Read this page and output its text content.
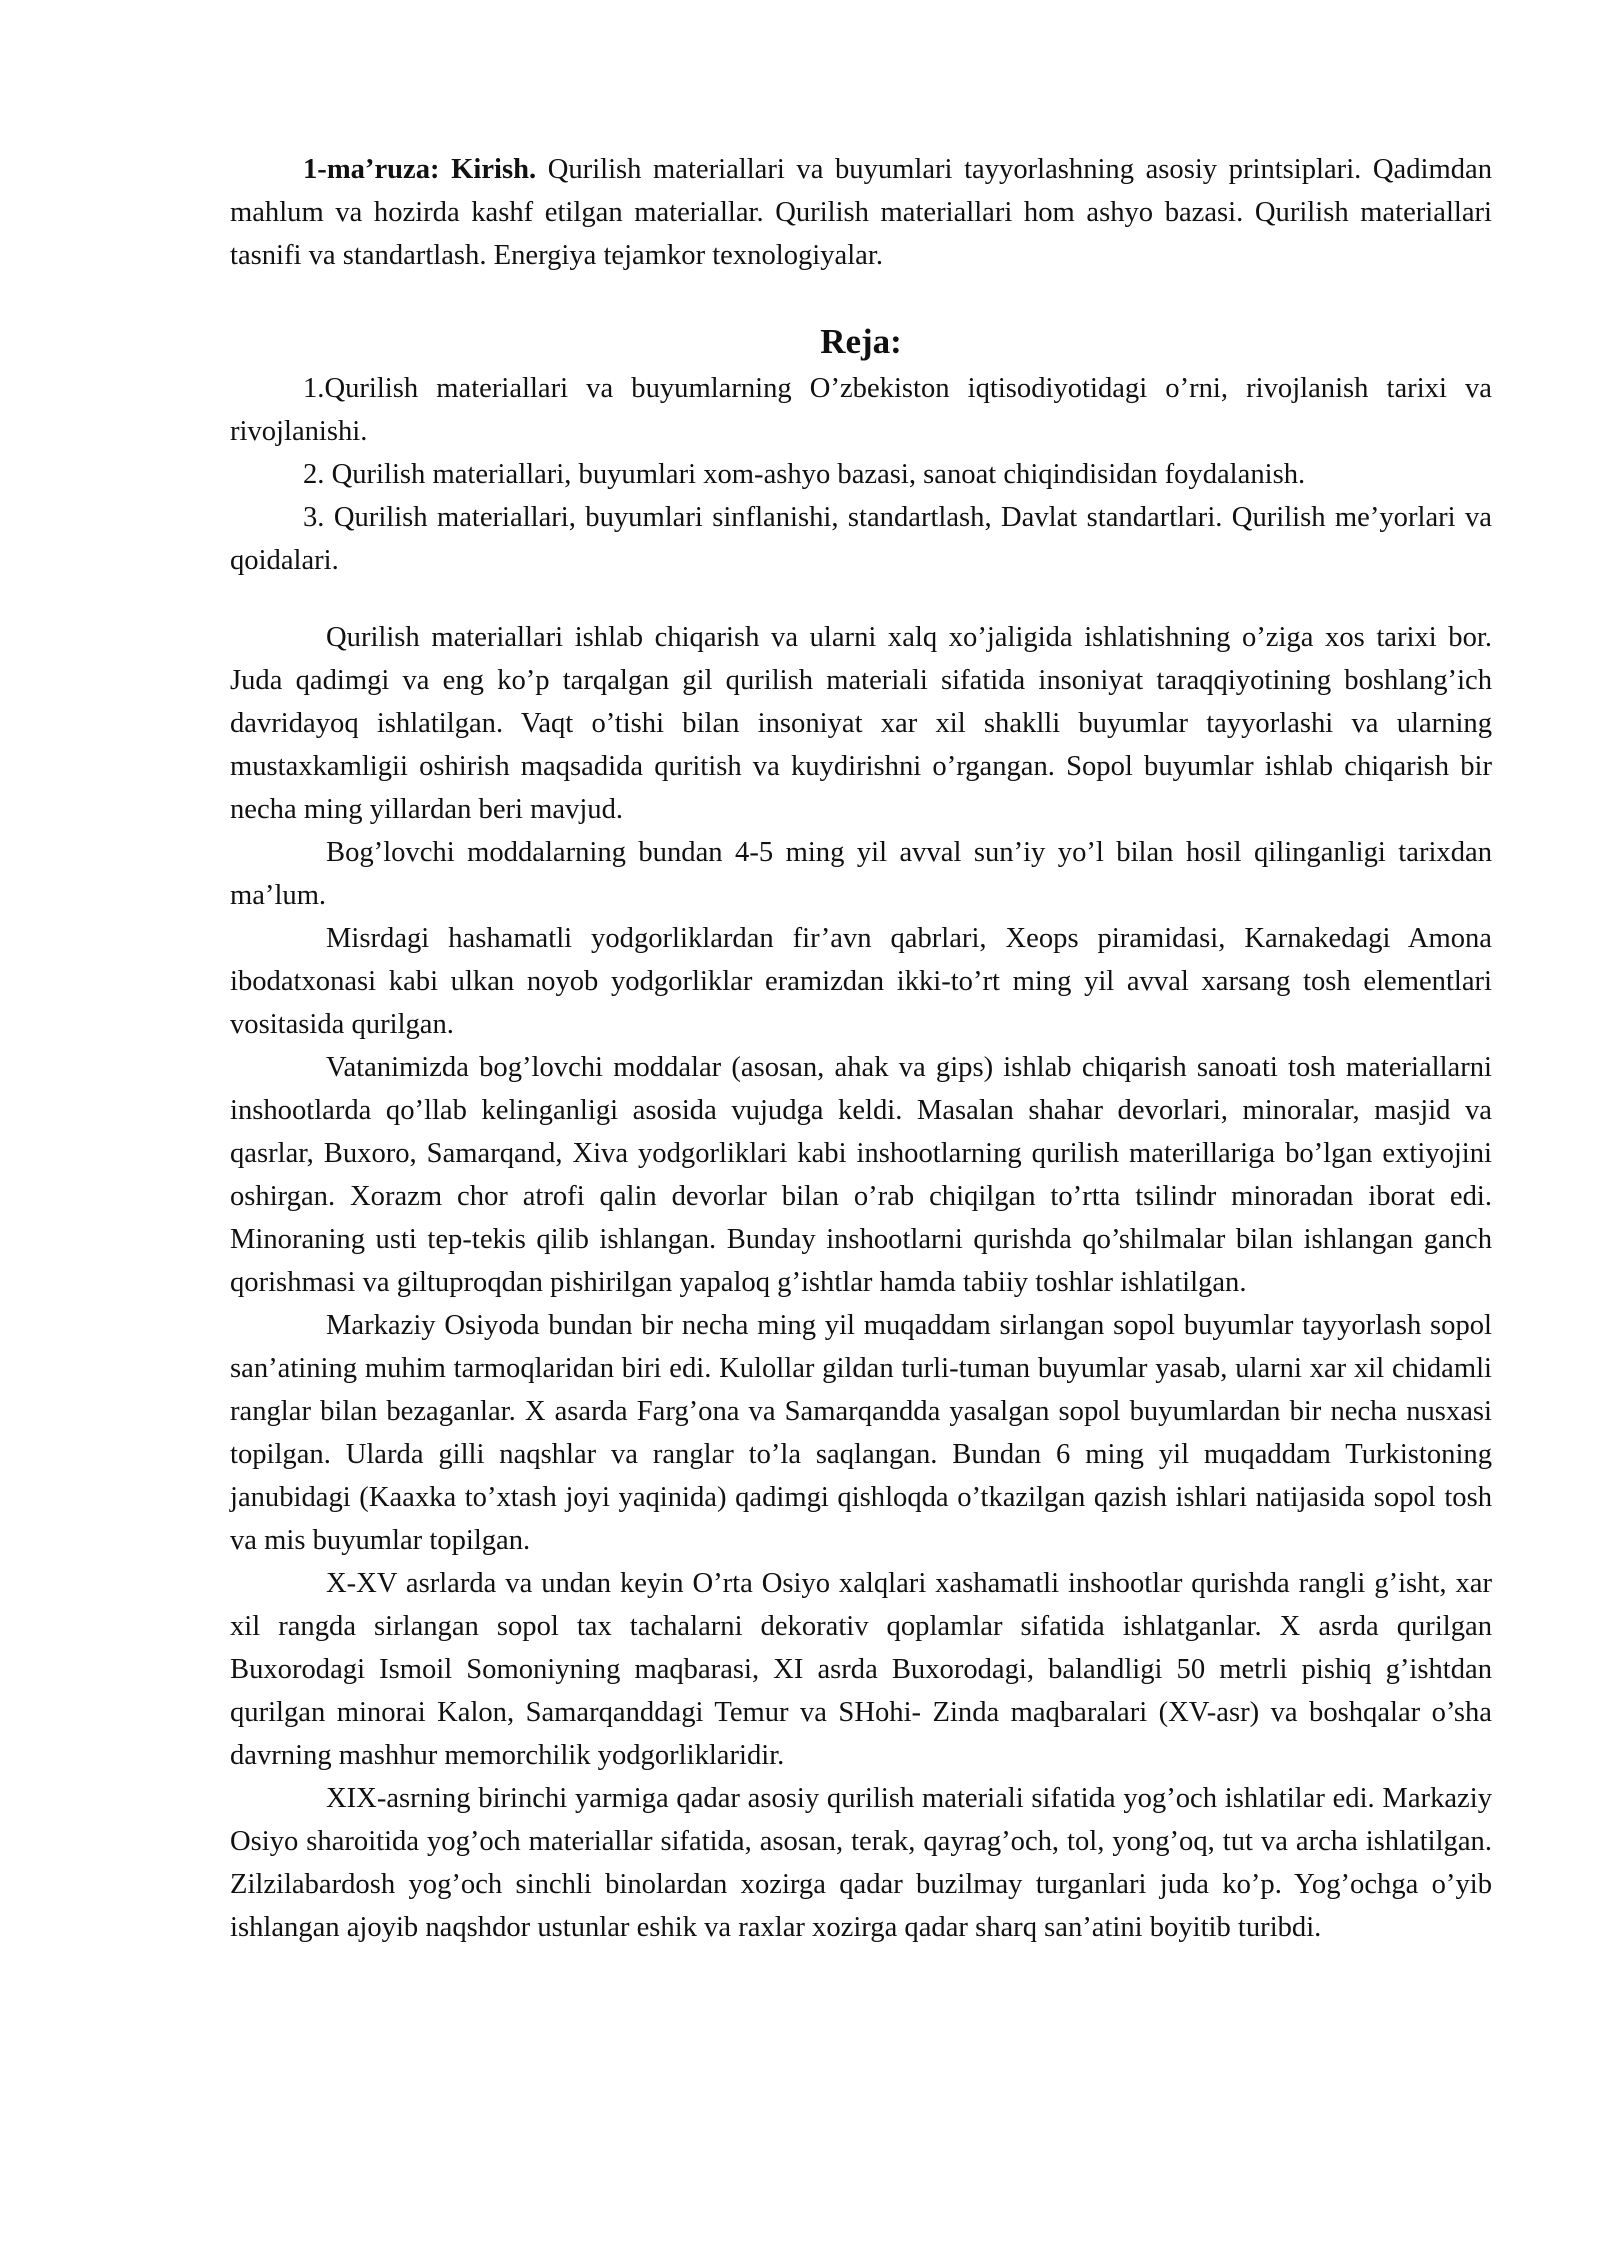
1-ma’ruza: Kirish. Qurilish materiallari va buyumlari tayyorlashning asosiy printsiplari. Qadimdan mahlum va hozirda kashf etilgan materiallar. Qurilish materiallari hom ashyo bazasi. Qurilish materiallari tasnifi va standartlash. Energiya tejamkor texnologiyalar.

Reja:

1.Qurilish materiallari va buyumlarning O’zbekiston iqtisodiyotidagi o’rni, rivojlanish tarixi va rivojlanishi.

2. Qurilish materiallari, buyumlari xom-ashyo bazasi, sanoat chiqindisidan foydalanish.

3. Qurilish materiallari, buyumlari sinflanishi, standartlash, Davlat standartlari. Qurilish me’yorlari va qoidalari.

Qurilish materiallari ishlab chiqarish va ularni xalq xo’jaligida ishlatishning o’ziga xos tarixi bor. Juda qadimgi va eng ko’p tarqalgan gil qurilish materiali sifatida insoniyat taraqqiyotining boshlang’ich davridayoq ishlatilgan. Vaqt o’tishi bilan insoniyat xar xil shaklli buyumlar tayyorlashi va ularning mustaxkamligii oshirish maqsadida quritish va kuydirishni o’rgangan. Sopol buyumlar ishlab chiqarish bir necha ming yillardan beri mavjud.

Bog’lovchi moddalarning bundan 4-5 ming yil avval sun’iy yo’l bilan hosil qilinganligi tarixdan ma’lum.

Misrdagi hashamatli yodgorliklardan fir’avn qabrlari, Xeops piramidasi, Karnakedagi Amona ibodatxonasi kabi ulkan noyob yodgorliklar eramizdan ikki-to’rt ming yil avval xarsang tosh elementlari vositasida qurilgan.

Vatanimizda bog’lovchi moddalar (asosan, ahak va gips) ishlab chiqarish sanoati tosh materiallarni inshootlarda qo’llab kelinganligi asosida vujudga keldi. Masalan shahar devorlari, minoralar, masjid va qasrlar, Buxoro, Samarqand, Xiva yodgorliklari kabi inshootlarning qurilish materillariga bo’lgan extiyojini oshirgan. Xorazm chor atrofi qalin devorlar bilan o’rab chiqilgan to’rtta tsilindr minoradan iborat edi. Minoraning usti tep-tekis qilib ishlangan. Bunday inshootlarni qurishda qo’shilmalar bilan ishlangan ganch qorishmasi va giltuproqdan pishirilgan yapaloq g’ishtlar hamda tabiiy toshlar ishlatilgan.

Markaziy Osiyoda bundan bir necha ming yil muqaddam sirlangan sopol buyumlar tayyorlash sopol san’atining muhim tarmoqlaridan biri edi. Kulollar gildan turli-tuman buyumlar yasab, ularni xar xil chidamli ranglar bilan bezaganlar. X asarda Farg’ona va Samarqandda yasalgan sopol buyumlardan bir necha nusxasi topilgan. Ularda gilli naqshlar va ranglar to’la saqlangan. Bundan 6 ming yil muqaddam Turkistoning janubidagi (Kaaxka to’xtash joyi yaqinida) qadimgi qishloqda o’tkazilgan qazish ishlari natijasida sopol tosh va mis buyumlar topilgan.

X-XV asrlarda va undan keyin O’rta Osiyo xalqlari xashamatli inshootlar qurishda rangli g’isht, xar xil rangda sirlangan sopol tax tachalarni dekorativ qoplamlar sifatida ishlatganlar. X asrda qurilgan Buxorodagi Ismoil Somoniyning maqbarasi, XI asrda Buxorodagi, balandligi 50 metrli pishiq g’ishtdan qurilgan minorai Kalon, Samarqanddagi Temur va SHohi- Zinda maqbaralari (XV-asr) va boshqalar o’sha davrning mashhur memorchilik yodgorliklaridir.

XIX-asrning birinchi yarmiga qadar asosiy qurilish materiali sifatida yog’och ishlatilar edi. Markaziy Osiyo sharoitida yog’och materiallar sifatida, asosan, terak, qayrag’och, tol, yong’oq, tut va archa ishlatilgan. Zilzilabardosh yog’och sinchli binolardan xozirga qadar buzilmay turganlari juda ko’p. Yog’ochga o’yib ishlangan ajoyib naqshdor ustunlar eshik va raxlar xozirga qadar sharq san’atini boyitib turibdi.
